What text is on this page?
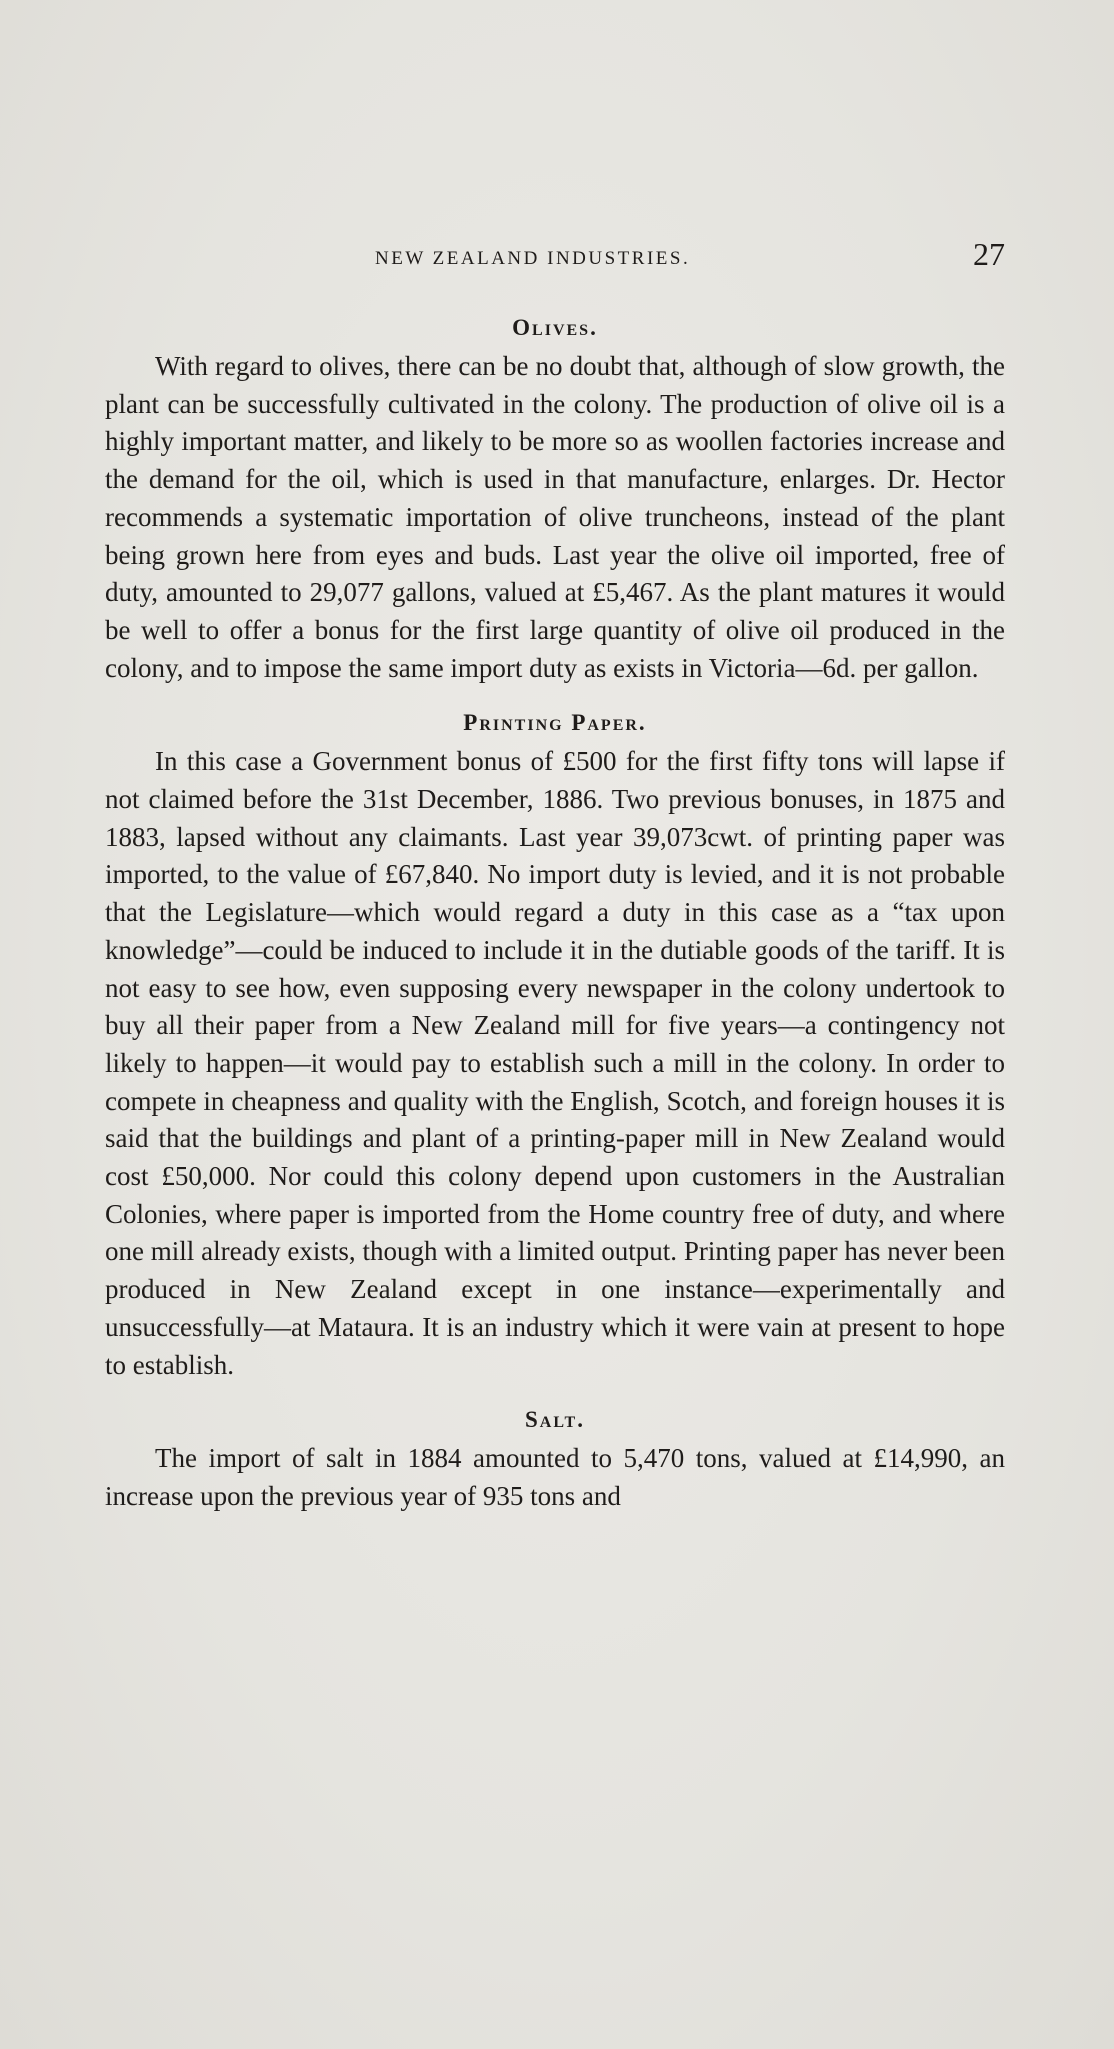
NEW ZEALAND INDUSTRIES.	27
Olives.

With regard to olives, there can be no doubt that, although of slow growth, the plant can be successfully cultivated in the colony. The production of olive oil is a highly important matter, and likely to be more so as woollen factories increase and the demand for the oil, which is used in that manufacture, enlarges. Dr. Hector recommends a systematic importation of olive truncheons, instead of the plant being grown here from eyes and buds. Last year the olive oil imported, free of duty, amounted to 29,077 gallons, valued at £5,467. As the plant matures it would be well to offer a bonus for the first large quantity of olive oil produced in the colony, and to impose the same import duty as exists in Victoria—6d. per gallon.

Printing Paper.

In this case a Government bonus of £500 for the first fifty tons will lapse if not claimed before the 31st December, 1886. Two previous bonuses, in 1875 and 1883, lapsed without any claimants. Last year 39,073cwt. of printing paper was imported, to the value of £67,840. No import duty is levied, and it is not probable that the Legislature—which would regard a duty in this case as a “tax upon knowledge”—could be induced to include it in the dutiable goods of the tariff. It is not easy to see how, even supposing every newspaper in the colony undertook to buy all their paper from a New Zealand mill for five years—a contingency not likely to happen—it would pay to establish such a mill in the colony. In order to compete in cheapness and quality with the English, Scotch, and foreign houses it is said that the buildings and plant of a printing-paper mill in New Zealand would cost £50,000. Nor could this colony depend upon customers in the Australian Colonies, where paper is imported from the Home country free of duty, and where one mill already exists, though with a limited output. Printing paper has never been produced in New Zealand except in one instance—experimentally and unsuccessfully—at Mataura. It is an industry which it were vain at present to hope to establish.

Salt.

The import of salt in 1884 amounted to 5,470 tons, valued at £14,990, an increase upon the previous year of 935 tons and
